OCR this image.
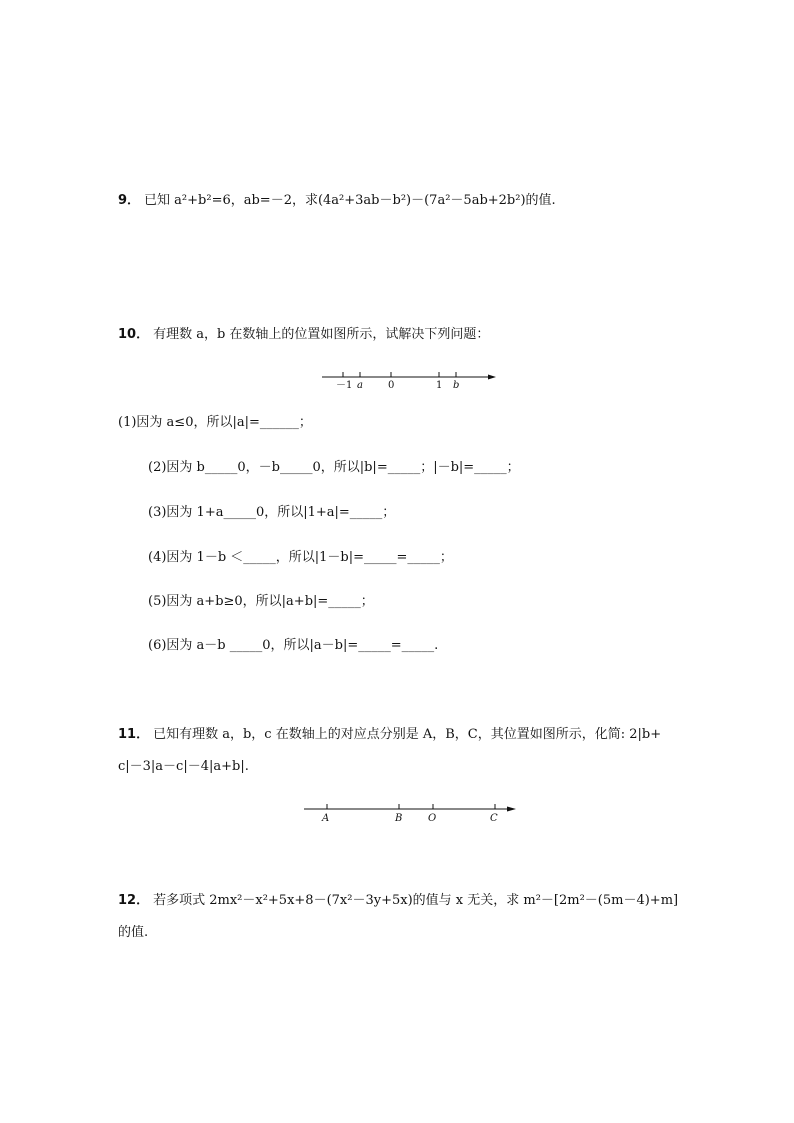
9． 已知 a²+b²=6，ab=－2，求(4a²+3ab－b²)－(7a²－5ab+2b²)的值.
10． 有理数 a，b 在数轴上的位置如图所示，试解决下列问题：
－1 a	0	1 b
(1)因为 a≤0，所以|a|=______；
(2)因为 b_____0，－b_____0，所以|b|=_____；|－b|=_____；
(3)因为 1+a_____0，所以|1+a|=_____；
(4)因为 1－b ＜_____，所以|1－b|=_____=_____；
(5)因为 a+b≥0，所以|a+b|=_____；
(6)因为 a－b _____0，所以|a－b|=_____=_____.
11． 已知有理数 a，b，c 在数轴上的对应点分别是 A，B，C，其位置如图所示，化简: 2|b+
c|－3|a－c|－4|a+b|.
A	B	O	C
12． 若多项式 2mx²－x²+5x+8－(7x²－3y+5x)的值与 x 无关，求 m²－[2m²－(5m－4)+m]
的值.
